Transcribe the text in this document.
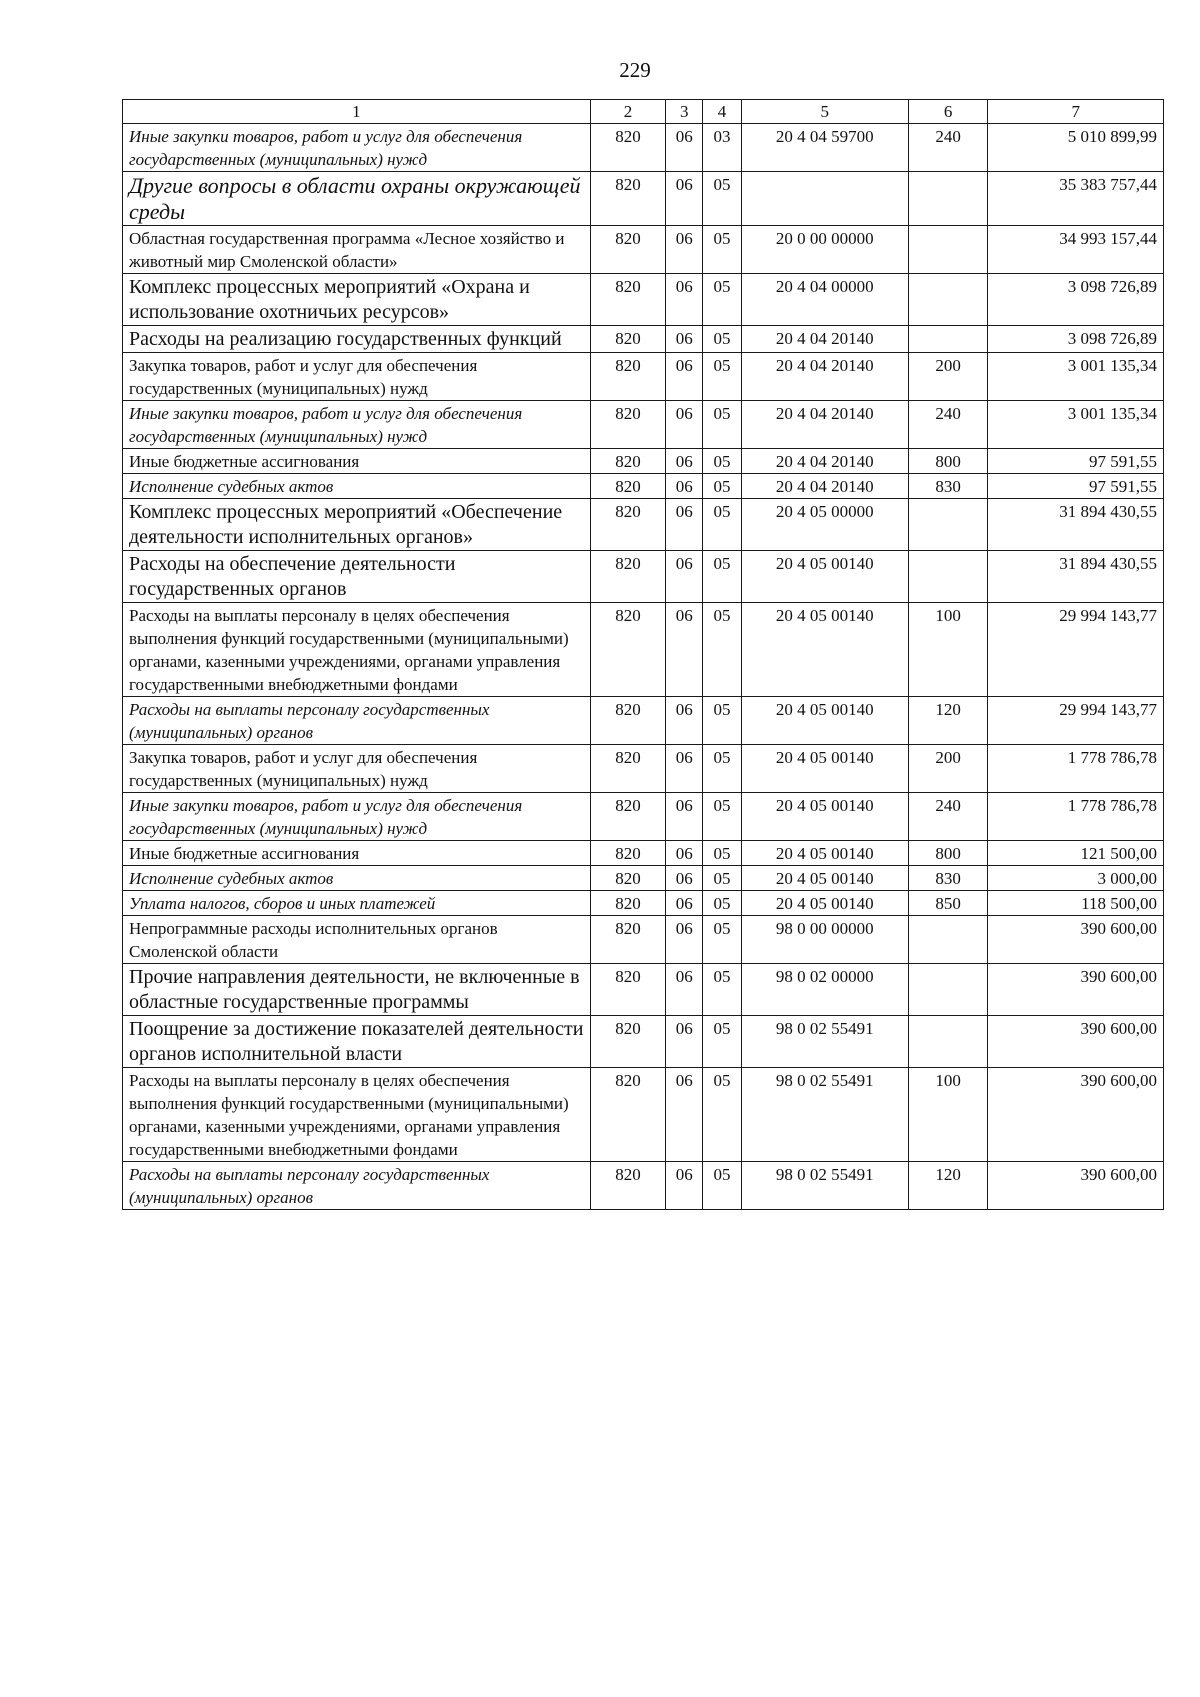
229
1	2	3	4	5	6	7
Иные закупки товаров, работ и услуг для обеспечения государственных (муниципальных) нужд	820	06	03	20 4 04 59700	240	5 010 899,99
Другие вопросы в области охраны окружающей среды	820	06	05			35 383 757,44
Областная государственная программа «Лесное хозяйство и животный мир Смоленской области»	820	06	05	20 0 00 00000		34 993 157,44
Комплекс процессных мероприятий «Охрана и использование охотничьих ресурсов»	820	06	05	20 4 04 00000		3 098 726,89
Расходы на реализацию государственных функций	820	06	05	20 4 04 20140		3 098 726,89
Закупка товаров, работ и услуг для обеспечения государственных (муниципальных) нужд	820	06	05	20 4 04 20140	200	3 001 135,34
Иные закупки товаров, работ и услуг для обеспечения государственных (муниципальных) нужд	820	06	05	20 4 04 20140	240	3 001 135,34
Иные бюджетные ассигнования	820	06	05	20 4 04 20140	800	97 591,55
Исполнение судебных актов	820	06	05	20 4 04 20140	830	97 591,55
Комплекс процессных мероприятий «Обеспечение деятельности исполнительных органов»	820	06	05	20 4 05 00000		31 894 430,55
Расходы на обеспечение деятельности государственных органов	820	06	05	20 4 05 00140		31 894 430,55
Расходы на выплаты персоналу в целях обеспечения выполнения функций государственными (муниципальными) органами, казенными учреждениями, органами управления государственными внебюджетными фондами	820	06	05	20 4 05 00140	100	29 994 143,77
Расходы на выплаты персоналу государственных (муниципальных) органов	820	06	05	20 4 05 00140	120	29 994 143,77
Закупка товаров, работ и услуг для обеспечения государственных (муниципальных) нужд	820	06	05	20 4 05 00140	200	1 778 786,78
Иные закупки товаров, работ и услуг для обеспечения государственных (муниципальных) нужд	820	06	05	20 4 05 00140	240	1 778 786,78
Иные бюджетные ассигнования	820	06	05	20 4 05 00140	800	121 500,00
Исполнение судебных актов	820	06	05	20 4 05 00140	830	3 000,00
Уплата налогов, сборов и иных платежей	820	06	05	20 4 05 00140	850	118 500,00
Непрограммные расходы исполнительных органов Смоленской области	820	06	05	98 0 00 00000		390 600,00
Прочие направления деятельности, не включенные в областные государственные программы	820	06	05	98 0 02 00000		390 600,00
Поощрение за достижение показателей деятельности органов исполнительной власти	820	06	05	98 0 02 55491		390 600,00
Расходы на выплаты персоналу в целях обеспечения выполнения функций государственными (муниципальными) органами, казенными учреждениями, органами управления государственными внебюджетными фондами	820	06	05	98 0 02 55491	100	390 600,00
Расходы на выплаты персоналу государственных (муниципальных) органов	820	06	05	98 0 02 55491	120	390 600,00
